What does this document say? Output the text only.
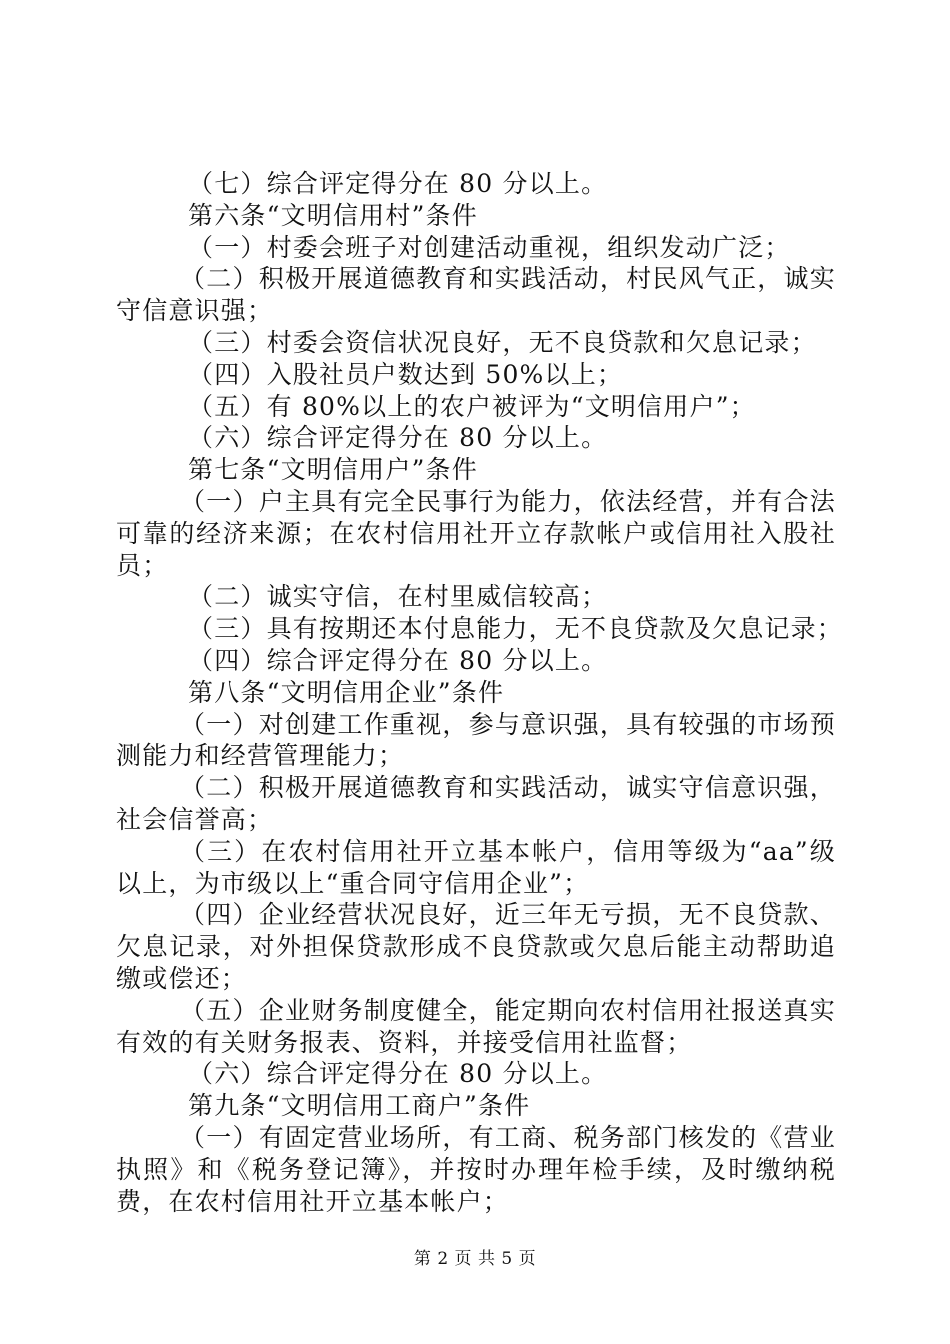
（七）综合评定得分在 80 分以上。
第六条“文明信用村”条件
（一）村委会班子对创建活动重视，组织发动广泛；
（二）积极开展道德教育和实践活动，村民风气正，诚实
守信意识强；
（三）村委会资信状况良好，无不良贷款和欠息记录；
（四）入股社员户数达到 50%以上；
（五）有 80%以上的农户被评为“文明信用户”；
（六）综合评定得分在 80 分以上。
第七条“文明信用户”条件
（一）户主具有完全民事行为能力，依法经营，并有合法
可靠的经济来源；在农村信用社开立存款帐户或信用社入股社
员；
（二）诚实守信，在村里威信较高；
（三）具有按期还本付息能力，无不良贷款及欠息记录；
（四）综合评定得分在 80 分以上。
第八条“文明信用企业”条件
（一）对创建工作重视，参与意识强，具有较强的市场预
测能力和经营管理能力；
（二）积极开展道德教育和实践活动，诚实守信意识强，
社会信誉高；
（三）在农村信用社开立基本帐户，信用等级为“aa”级
以上，为市级以上“重合同守信用企业”；
（四）企业经营状况良好，近三年无亏损，无不良贷款、
欠息记录，对外担保贷款形成不良贷款或欠息后能主动帮助追
缴或偿还；
（五）企业财务制度健全，能定期向农村信用社报送真实
有效的有关财务报表、资料，并接受信用社监督；
（六）综合评定得分在 80 分以上。
第九条“文明信用工商户”条件
（一）有固定营业场所，有工商、税务部门核发的《营业
执照》和《税务登记簿》，并按时办理年检手续，及时缴纳税
费，在农村信用社开立基本帐户；
第 2 页 共 5 页
